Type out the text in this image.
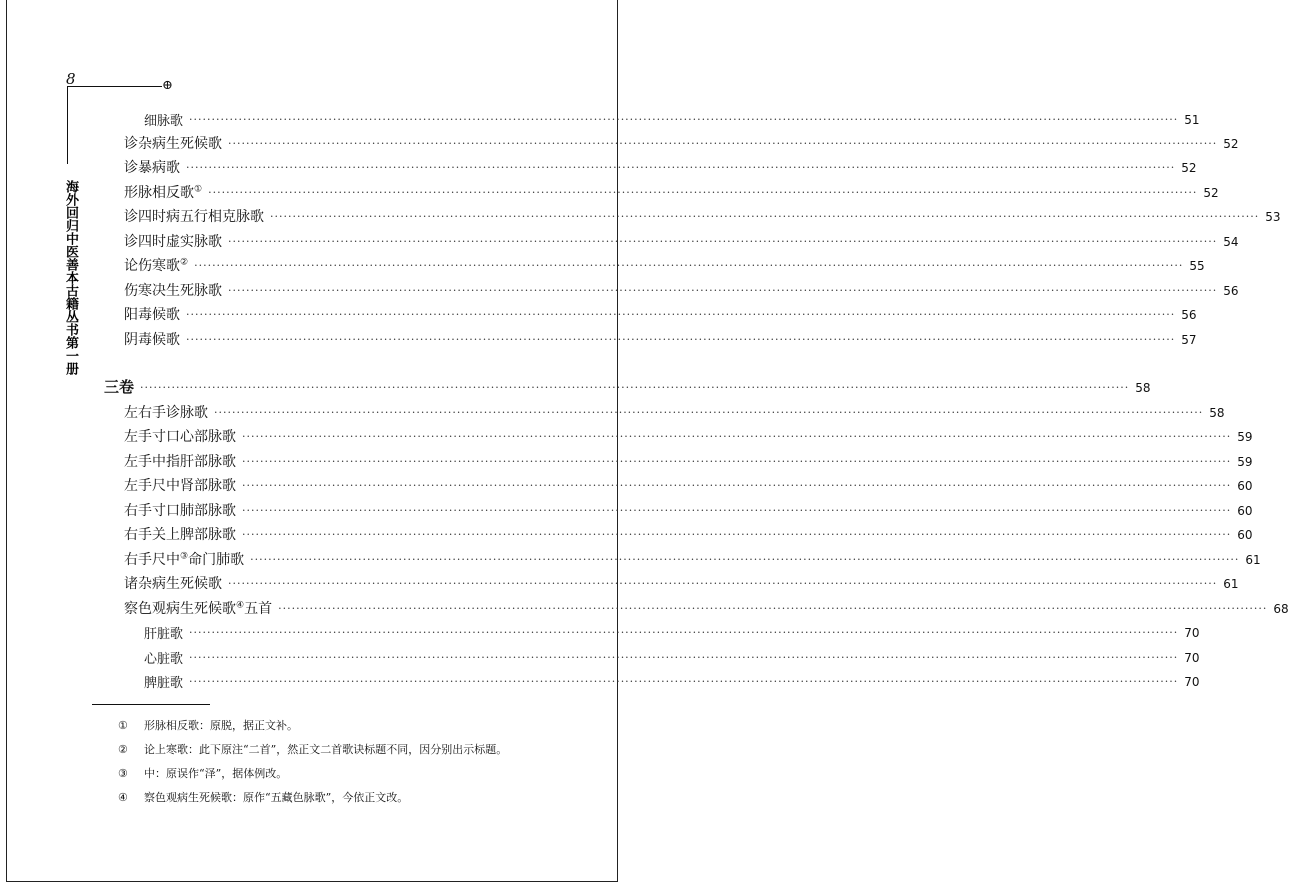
8	⊕
海外回归中医善本古籍丛书第一册
细脉歌 ···························································································································································································································· 51
诊杂病生死候歌 ···························································································································································································································· 52
诊暴病歌 ···························································································································································································································· 52
形脉相反歌① ···························································································································································································································· 52
诊四时病五行相克脉歌 ···························································································································································································································· 53
诊四时虚实脉歌 ···························································································································································································································· 54
论伤寒歌② ···························································································································································································································· 55
伤寒决生死脉歌 ···························································································································································································································· 56
阳毒候歌 ···························································································································································································································· 56
阴毒候歌 ···························································································································································································································· 57
三卷 ···························································································································································································································· 58
左右手诊脉歌 ···························································································································································································································· 58
左手寸口心部脉歌 ···························································································································································································································· 59
左手中指肝部脉歌 ···························································································································································································································· 59
左手尺中肾部脉歌 ···························································································································································································································· 60
右手寸口肺部脉歌 ···························································································································································································································· 60
右手关上脾部脉歌 ···························································································································································································································· 60
右手尺中③命门肺歌 ···························································································································································································································· 61
诸杂病生死候歌 ···························································································································································································································· 61
察色观病生死候歌④五首 ···························································································································································································································· 68
肝脏歌 ···························································································································································································································· 70
心脏歌 ···························································································································································································································· 70
脾脏歌 ···························································································································································································································· 70
① 形脉相反歌：原脱，据正文补。
② 论上寒歌：此下原注“二首”，然正文二首歌诀标题不同，因分别出示标题。
③ 中：原误作“泽”，据体例改。
④ 察色观病生死候歌：原作“五藏色脉歌”，今依正文改。
